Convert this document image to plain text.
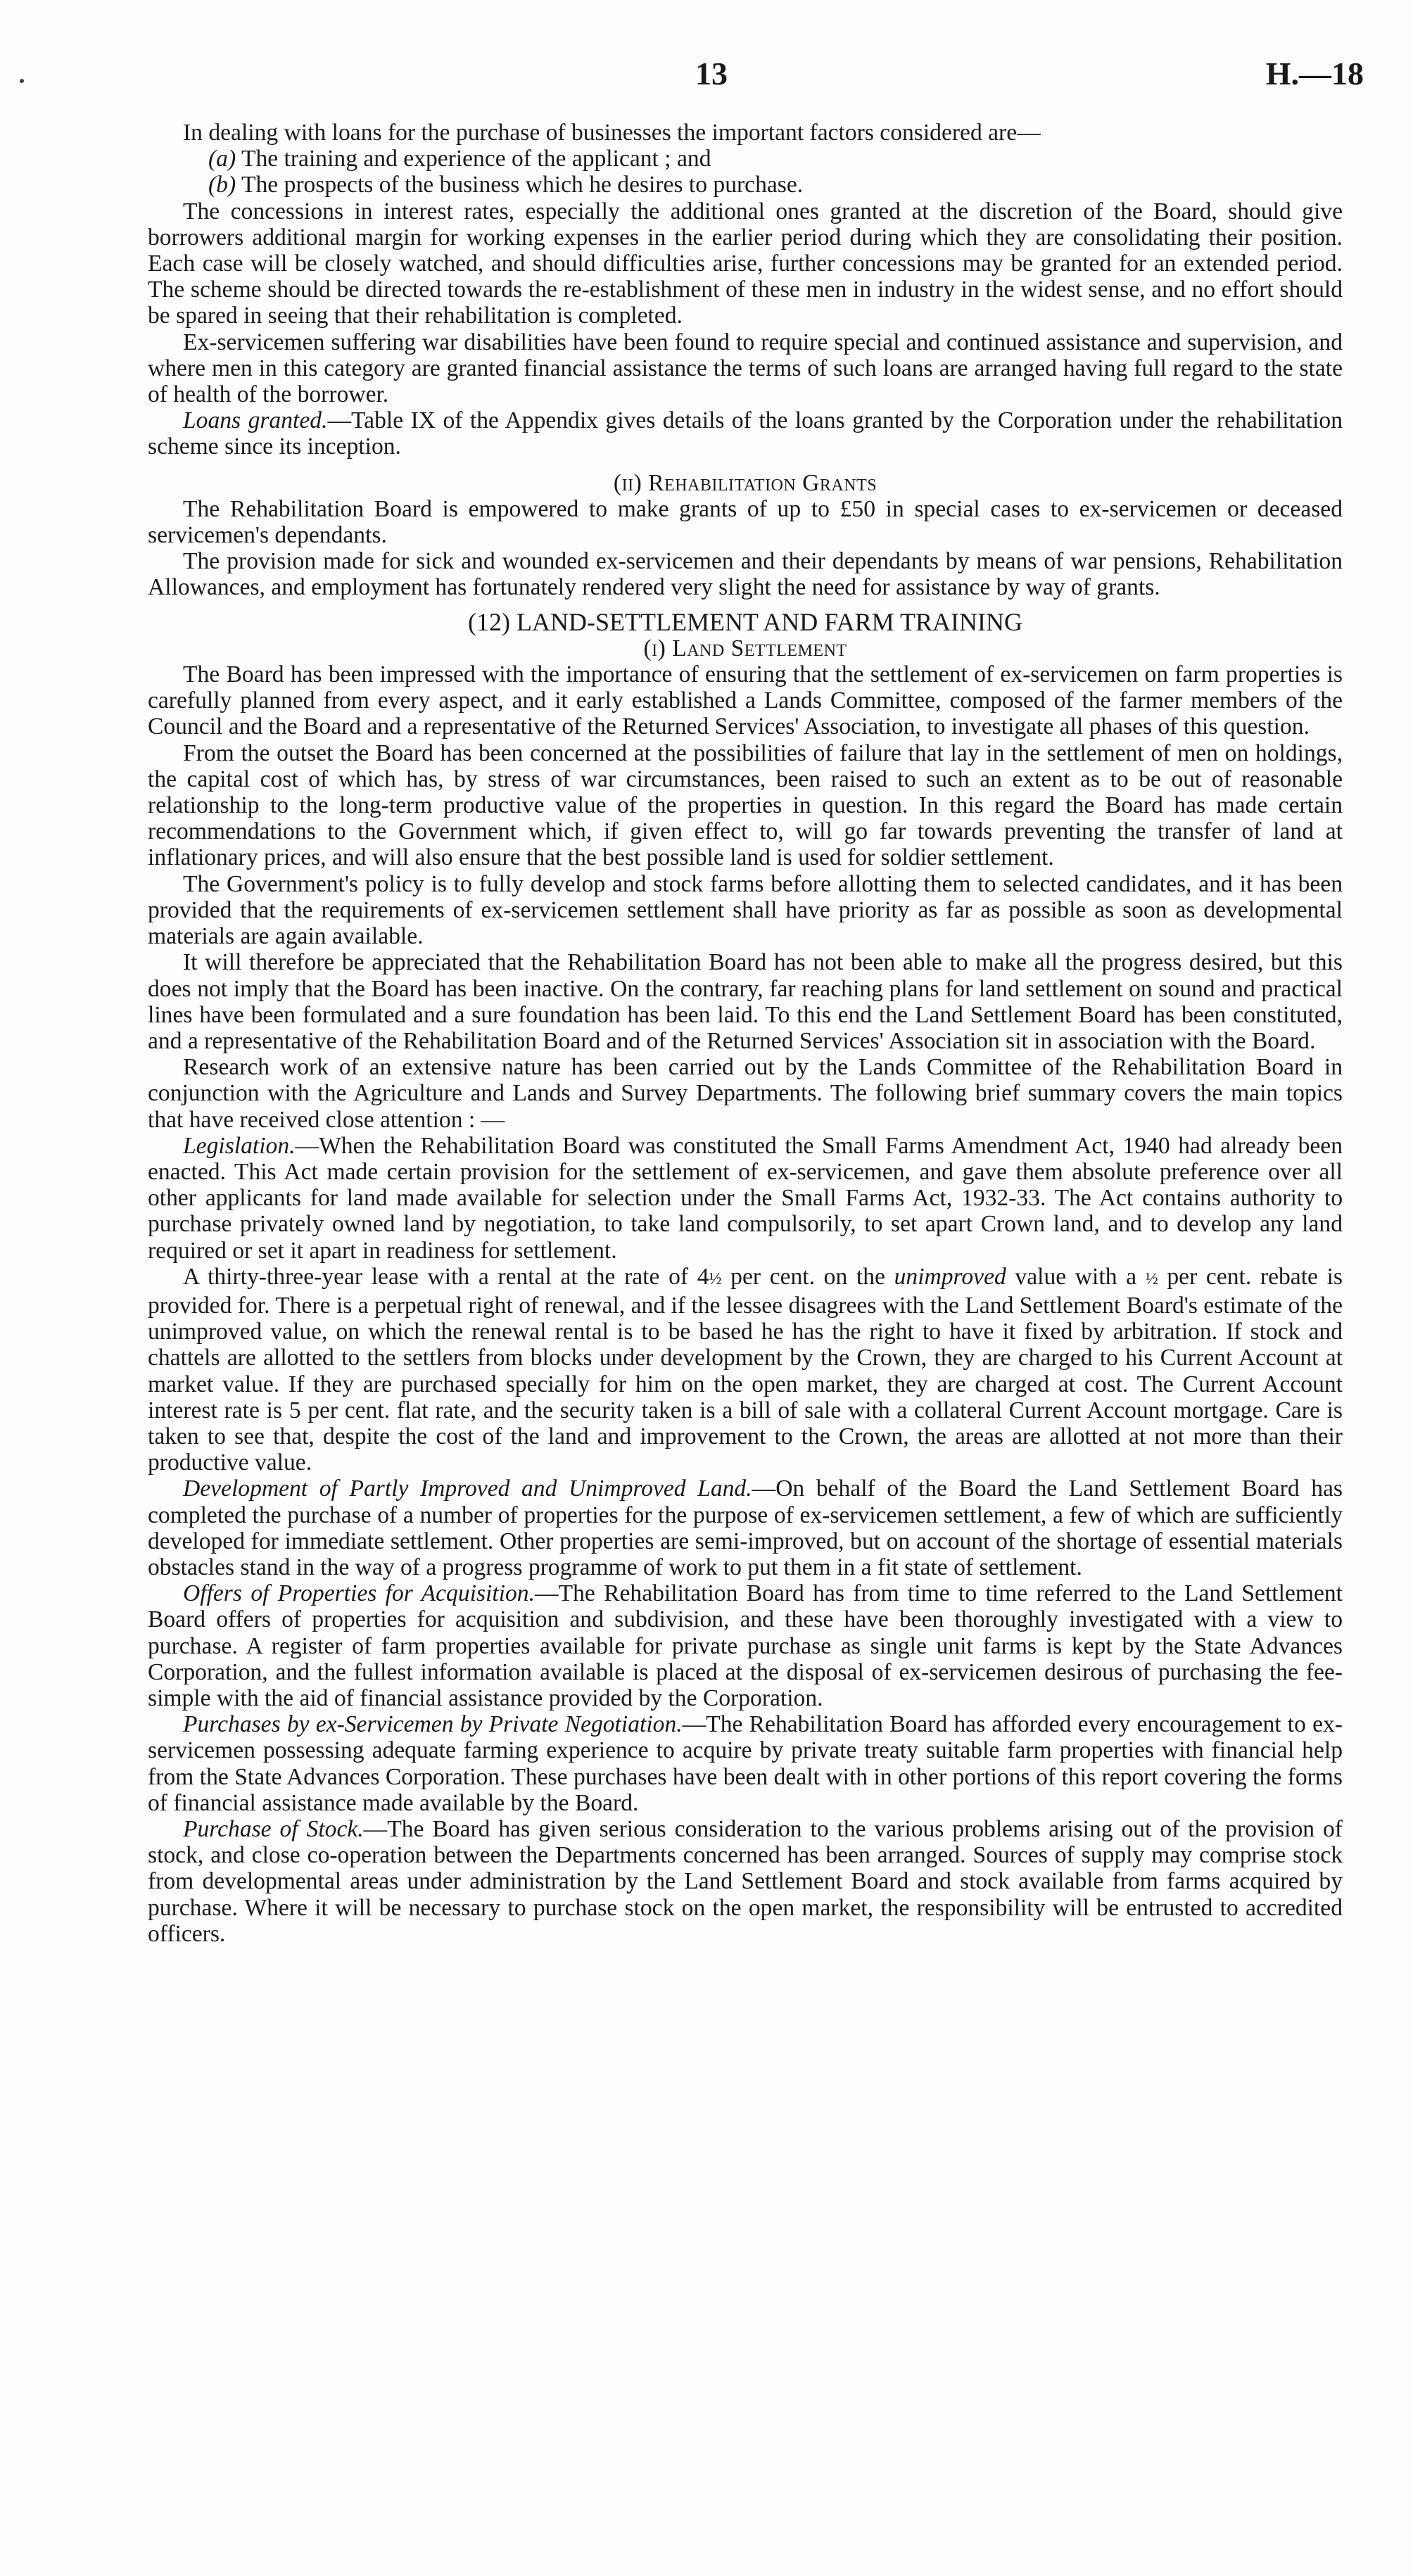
13	H.—18

In dealing with loans for the purchase of businesses the important factors considered are—

(a) The training and experience of the applicant ; and

(b) The prospects of the business which he desires to purchase.

The concessions in interest rates, especially the additional ones granted at the discretion of the Board, should give borrowers additional margin for working expenses in the earlier period during which they are consolidating their position. Each case will be closely watched, and should difficulties arise, further concessions may be granted for an extended period. The scheme should be directed towards the re-establishment of these men in industry in the widest sense, and no effort should be spared in seeing that their rehabilitation is completed.

Ex-servicemen suffering war disabilities have been found to require special and continued assistance and supervision, and where men in this category are granted financial assistance the terms of such loans are arranged having full regard to the state of health of the borrower.

Loans granted.—Table IX of the Appendix gives details of the loans granted by the Corporation under the rehabilitation scheme since its inception.

(ii) Rehabilitation Grants

The Rehabilitation Board is empowered to make grants of up to £50 in special cases to ex-servicemen or deceased servicemen's dependants.

The provision made for sick and wounded ex-servicemen and their dependants by means of war pensions, Rehabilitation Allowances, and employment has fortunately rendered very slight the need for assistance by way of grants.

(12) LAND-SETTLEMENT AND FARM TRAINING

(i) Land Settlement

The Board has been impressed with the importance of ensuring that the settlement of ex-servicemen on farm properties is carefully planned from every aspect, and it early established a Lands Committee, composed of the farmer members of the Council and the Board and a representative of the Returned Services' Association, to investigate all phases of this question.

From the outset the Board has been concerned at the possibilities of failure that lay in the settlement of men on holdings, the capital cost of which has, by stress of war circumstances, been raised to such an extent as to be out of reasonable relationship to the long-term productive value of the properties in question. In this regard the Board has made certain recommendations to the Government which, if given effect to, will go far towards preventing the transfer of land at inflationary prices, and will also ensure that the best possible land is used for soldier settlement.

The Government's policy is to fully develop and stock farms before allotting them to selected candidates, and it has been provided that the requirements of ex-servicemen settlement shall have priority as far as possible as soon as developmental materials are again available.

It will therefore be appreciated that the Rehabilitation Board has not been able to make all the progress desired, but this does not imply that the Board has been inactive. On the contrary, far reaching plans for land settlement on sound and practical lines have been formulated and a sure foundation has been laid. To this end the Land Settlement Board has been constituted, and a representative of the Rehabilitation Board and of the Returned Services' Association sit in association with the Board.

Research work of an extensive nature has been carried out by the Lands Committee of the Rehabilitation Board in conjunction with the Agriculture and Lands and Survey Departments. The following brief summary covers the main topics that have received close attention : —

Legislation.—When the Rehabilitation Board was constituted the Small Farms Amendment Act, 1940 had already been enacted. This Act made certain provision for the settlement of ex-servicemen, and gave them absolute preference over all other applicants for land made available for selection under the Small Farms Act, 1932-33. The Act contains authority to purchase privately owned land by negotiation, to take land compulsorily, to set apart Crown land, and to develop any land required or set it apart in readiness for settlement.

A thirty-three-year lease with a rental at the rate of 4½ per cent. on the unimproved value with a ½ per cent. rebate is provided for. There is a perpetual right of renewal, and if the lessee disagrees with the Land Settlement Board's estimate of the unimproved value, on which the renewal rental is to be based he has the right to have it fixed by arbitration. If stock and chattels are allotted to the settlers from blocks under development by the Crown, they are charged to his Current Account at market value. If they are purchased specially for him on the open market, they are charged at cost. The Current Account interest rate is 5 per cent. flat rate, and the security taken is a bill of sale with a collateral Current Account mortgage. Care is taken to see that, despite the cost of the land and improvement to the Crown, the areas are allotted at not more than their productive value.

Development of Partly Improved and Unimproved Land.—On behalf of the Board the Land Settlement Board has completed the purchase of a number of properties for the purpose of ex-servicemen settlement, a few of which are sufficiently developed for immediate settlement. Other properties are semi-improved, but on account of the shortage of essential materials obstacles stand in the way of a progress programme of work to put them in a fit state of settlement.

Offers of Properties for Acquisition.—The Rehabilitation Board has from time to time referred to the Land Settlement Board offers of properties for acquisition and subdivision, and these have been thoroughly investigated with a view to purchase. A register of farm properties available for private purchase as single unit farms is kept by the State Advances Corporation, and the fullest information available is placed at the disposal of ex-servicemen desirous of purchasing the fee-simple with the aid of financial assistance provided by the Corporation.

Purchases by ex-Servicemen by Private Negotiation.—The Rehabilitation Board has afforded every encouragement to ex-servicemen possessing adequate farming experience to acquire by private treaty suitable farm properties with financial help from the State Advances Corporation. These purchases have been dealt with in other portions of this report covering the forms of financial assistance made available by the Board.

Purchase of Stock.—The Board has given serious consideration to the various problems arising out of the provision of stock, and close co-operation between the Departments concerned has been arranged. Sources of supply may comprise stock from developmental areas under administration by the Land Settlement Board and stock available from farms acquired by purchase. Where it will be necessary to purchase stock on the open market, the responsibility will be entrusted to accredited officers.
